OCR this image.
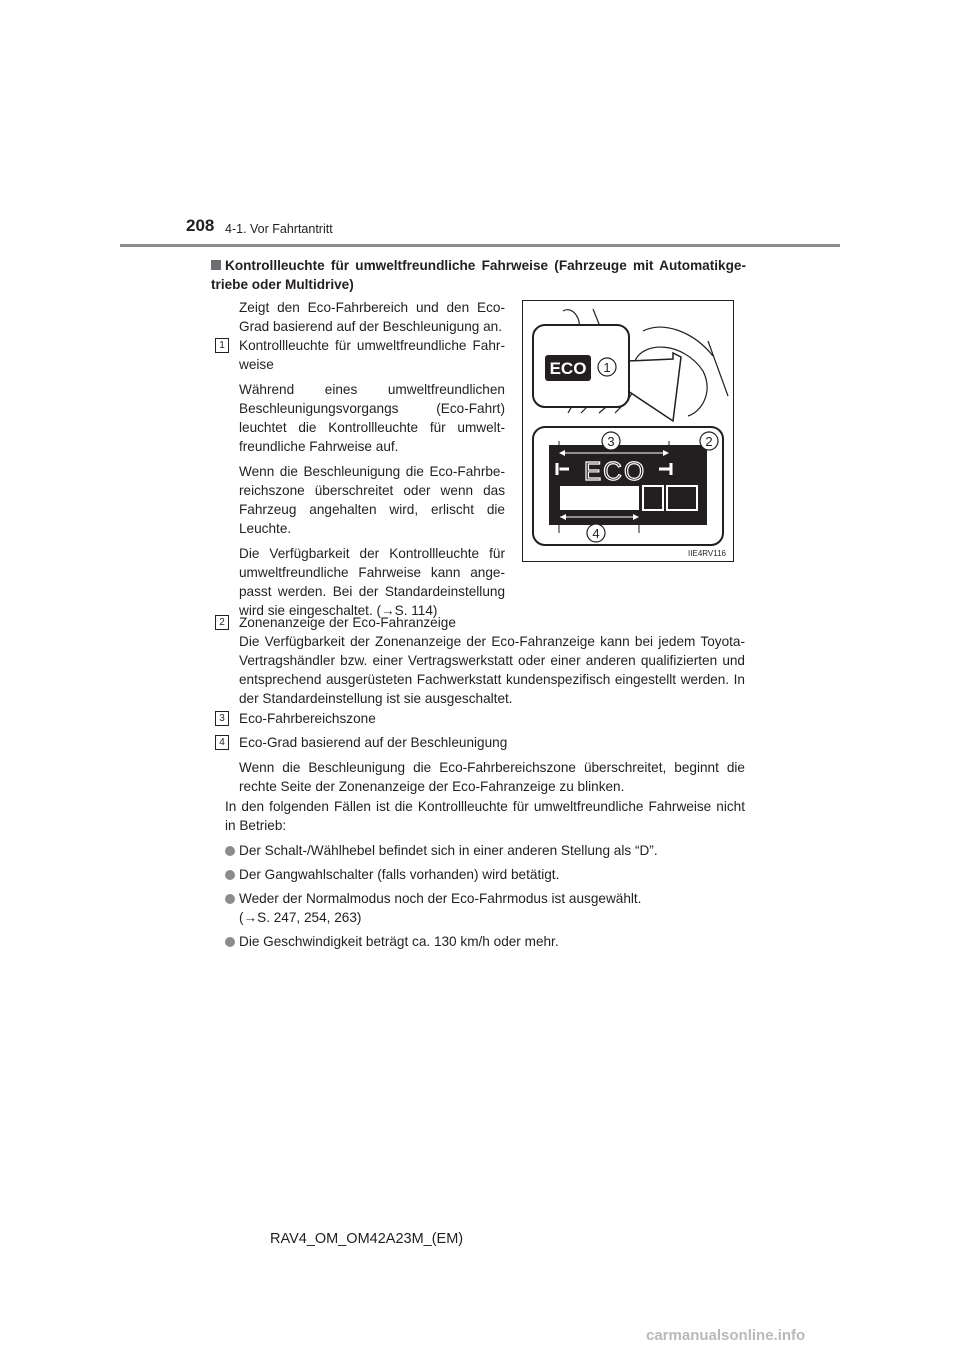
208 4-1. Vor Fahrtantritt
Kontrollleuchte für umweltfreundliche Fahrweise (Fahrzeuge mit Automatikge-triebe oder Multidrive)
Zeigt den Eco-Fahrbereich und den Eco-Grad basierend auf der Beschleunigung an.
1	Kontrollleuchte für umweltfreundliche Fahr-weise

Während eines umweltfreundlichen Beschleunigungsvorgangs (Eco-Fahrt) leuchtet die Kontrollleuchte für umwelt-freundliche Fahrweise auf.

Wenn die Beschleunigung die Eco-Fahrbe-reichszone überschreitet oder wenn das Fahrzeug angehalten wird, erlischt die Leuchte.

Die Verfügbarkeit der Kontrollleuchte für umweltfreundliche Fahrweise kann ange-passt werden. Bei der Standardeinstellung wird sie eingeschaltet. (→S. 114)

ECO 1
ECO
3	2
4
IIE4RV116
2	Zonenanzeige der Eco-Fahranzeige

Die Verfügbarkeit der Zonenanzeige der Eco-Fahranzeige kann bei jedem Toyota-Vertragshändler bzw. einer Vertragswerkstatt oder einer anderen qualifizierten und entsprechend ausgerüsteten Fachwerkstatt kundenspezifisch eingestellt werden. In der Standardeinstellung ist sie ausgeschaltet.

3	Eco-Fahrbereichszone
4	Eco-Grad basierend auf der Beschleunigung

Wenn die Beschleunigung die Eco-Fahrbereichszone überschreitet, beginnt die rechte Seite der Zonenanzeige der Eco-Fahranzeige zu blinken.

In den folgenden Fällen ist die Kontrollleuchte für umweltfreundliche Fahrweise nicht in Betrieb:
Der Schalt-/Wählhebel befindet sich in einer anderen Stellung als “D”.
Der Gangwahlschalter (falls vorhanden) wird betätigt.
Weder der Normalmodus noch der Eco-Fahrmodus ist ausgewählt.
(→S. 247, 254, 263)
Die Geschwindigkeit beträgt ca. 130 km/h oder mehr.
RAV4_OM_OM42A23M_(EM)
carmanualsonline.info
